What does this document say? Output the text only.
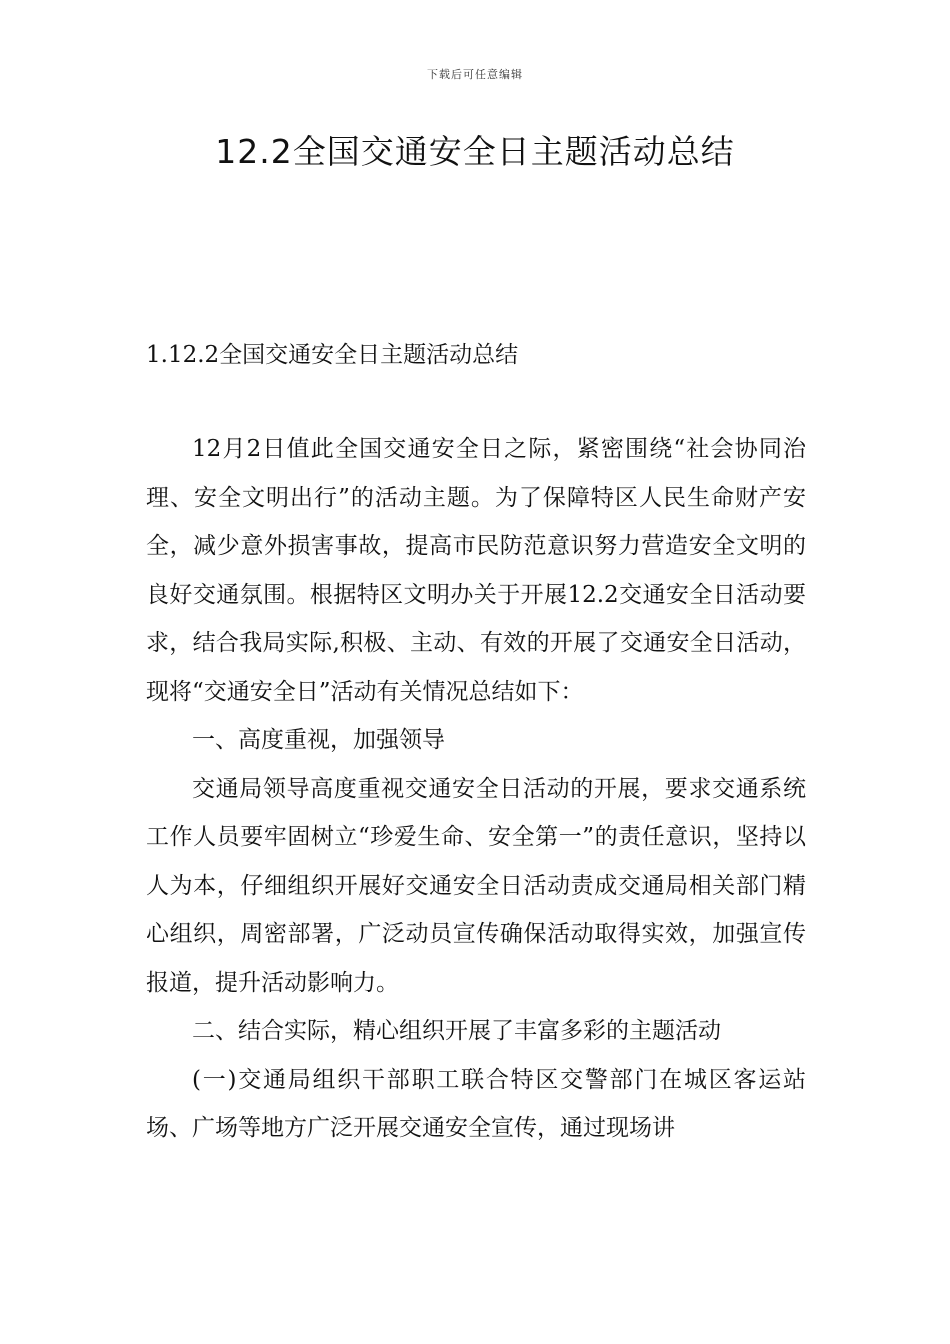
下载后可任意编辑
12.2全国交通安全日主题活动总结
1.12.2全国交通安全日主题活动总结

12月2日值此全国交通安全日之际，紧密围绕“社会协同治理、安全文明出行”的活动主题。为了保障特区人民生命财产安全，减少意外损害事故，提高市民防范意识努力营造安全文明的良好交通氛围。根据特区文明办关于开展12.2交通安全日活动要求，结合我局实际,积极、主动、有效的开展了交通安全日活动，现将“交通安全日”活动有关情况总结如下：

一、高度重视，加强领导

交通局领导高度重视交通安全日活动的开展，要求交通系统工作人员要牢固树立“珍爱生命、安全第一”的责任意识，坚持以人为本，仔细组织开展好交通安全日活动责成交通局相关部门精心组织，周密部署，广泛动员宣传确保活动取得实效，加强宣传报道，提升活动影响力。

二、结合实际，精心组织开展了丰富多彩的主题活动

(一)交通局组织干部职工联合特区交警部门在城区客运站场、广场等地方广泛开展交通安全宣传，通过现场讲
